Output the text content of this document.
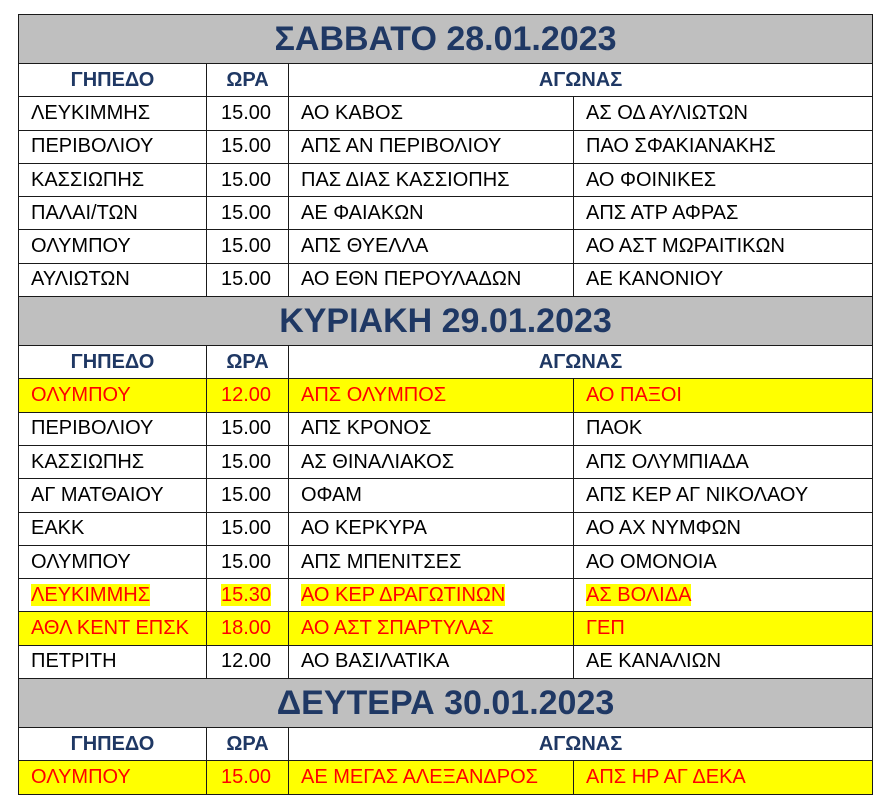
ΣΑΒΒΑΤΟ 28.01.2023			
ΓΗΠΕΔΟ	ΩΡΑ	ΑΓΩΝΑΣ	
ΛΕΥΚΙΜΜΗΣ	15.00	ΑΟ ΚΑΒΟΣ	ΑΣ ΟΔ ΑΥΛΙΩΤΩΝ
ΠΕΡΙΒΟΛΙΟΥ	15.00	ΑΠΣ ΑΝ ΠΕΡΙΒΟΛΙΟΥ	ΠΑΟ ΣΦΑΚΙΑΝΑΚΗΣ
ΚΑΣΣΙΩΠΗΣ	15.00	ΠΑΣ ΔΙΑΣ ΚΑΣΣΙΟΠΗΣ	ΑΟ ΦΟΙΝΙΚΕΣ
ΠΑΛΑΙ/ΤΩΝ	15.00	ΑΕ ΦΑΙΑΚΩΝ	ΑΠΣ ΑΤΡ ΑΦΡΑΣ
ΟΛΥΜΠΟΥ	15.00	ΑΠΣ ΘΥΕΛΛΑ	ΑΟ ΑΣΤ ΜΩΡΑΙΤΙΚΩΝ
ΑΥΛΙΩΤΩΝ	15.00	ΑΟ ΕΘΝ ΠΕΡΟΥΛΑΔΩΝ	ΑΕ ΚΑΝΟΝΙΟΥ
ΚΥΡΙΑΚΗ 29.01.2023			
ΓΗΠΕΔΟ	ΩΡΑ	ΑΓΩΝΑΣ	
ΟΛΥΜΠΟΥ	12.00	ΑΠΣ ΟΛΥΜΠΟΣ	ΑΟ ΠΑΞΟΙ
ΠΕΡΙΒΟΛΙΟΥ	15.00	ΑΠΣ ΚΡΟΝΟΣ	ΠΑΟΚ
ΚΑΣΣΙΩΠΗΣ	15.00	ΑΣ ΘΙΝΑΛΙΑΚΟΣ	ΑΠΣ ΟΛΥΜΠΙΑΔΑ
ΑΓ ΜΑΤΘΑΙΟΥ	15.00	ΟΦΑΜ	ΑΠΣ ΚΕΡ ΑΓ ΝΙΚΟΛΑΟΥ
ΕΑΚΚ	15.00	ΑΟ ΚΕΡΚΥΡΑ	ΑΟ ΑΧ ΝΥΜΦΩΝ
ΟΛΥΜΠΟΥ	15.00	ΑΠΣ ΜΠΕΝΙΤΣΕΣ	ΑΟ ΟΜΟΝΟΙΑ
ΛΕΥΚΙΜΜΗΣ	15.30	ΑΟ ΚΕΡ ΔΡΑΓΩΤΙΝΩΝ	ΑΣ ΒΟΛΙΔΑ
ΑΘΛ ΚΕΝΤ ΕΠΣΚ	18.00	ΑΟ ΑΣΤ ΣΠΑΡΤΥΛΑΣ	ΓΕΠ
ΠΕΤΡΙΤΗ	12.00	ΑΟ ΒΑΣΙΛΑΤΙΚΑ	ΑΕ ΚΑΝΑΛΙΩΝ
ΔΕΥΤΕΡΑ 30.01.2023			
ΓΗΠΕΔΟ	ΩΡΑ	ΑΓΩΝΑΣ	
ΟΛΥΜΠΟΥ	15.00	ΑΕ ΜΕΓΑΣ ΑΛΕΞΑΝΔΡΟΣ	ΑΠΣ ΗΡ ΑΓ ΔΕΚΑ
